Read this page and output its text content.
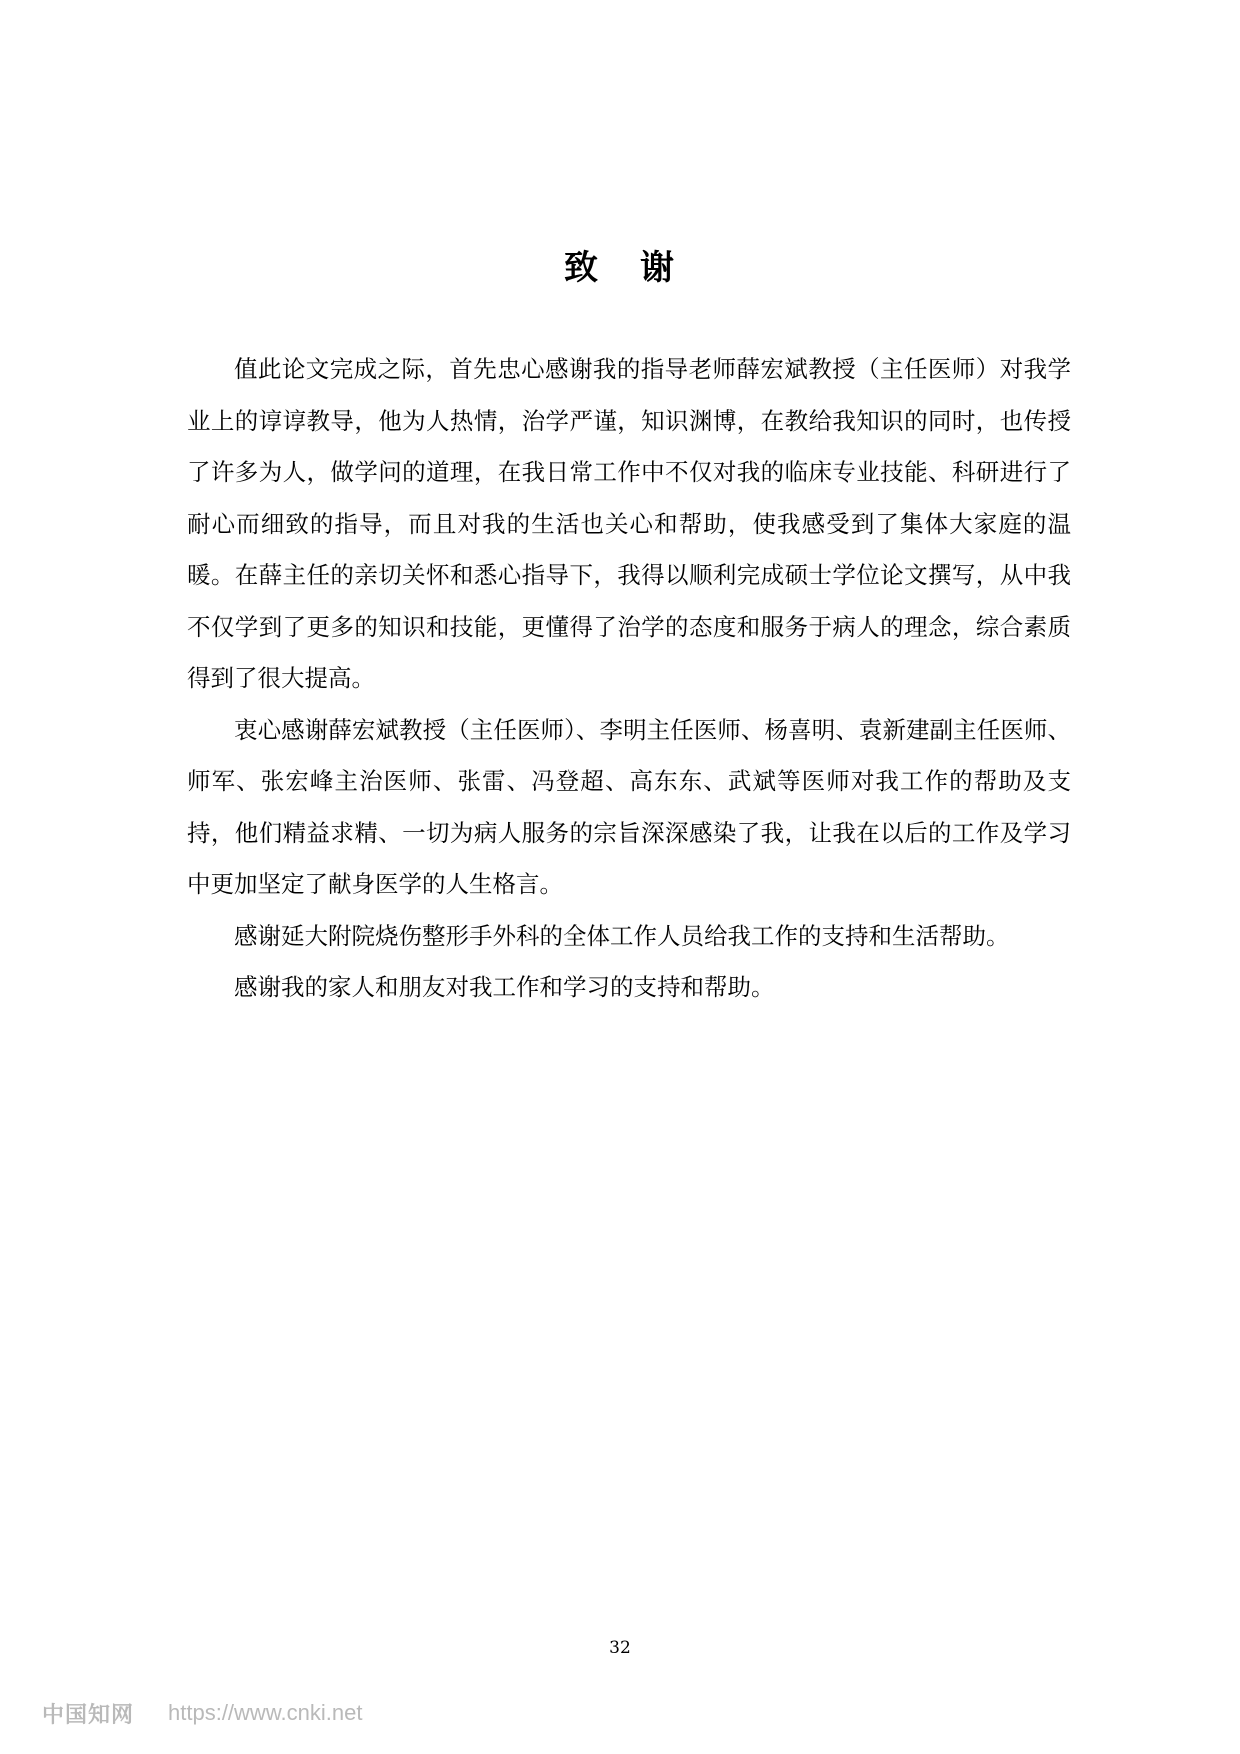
致 谢

值此论文完成之际，首先忠心感谢我的指导老师薛宏斌教授（主任医师）对我学业上的谆谆教导，他为人热情，治学严谨，知识渊博，在教给我知识的同时，也传授了许多为人，做学问的道理，在我日常工作中不仅对我的临床专业技能、科研进行了耐心而细致的指导，而且对我的生活也关心和帮助，使我感受到了集体大家庭的温暖。在薛主任的亲切关怀和悉心指导下，我得以顺利完成硕士学位论文撰写，从中我不仅学到了更多的知识和技能，更懂得了治学的态度和服务于病人的理念，综合素质得到了很大提高。

衷心感谢薛宏斌教授（主任医师）、李明主任医师、杨喜明、袁新建副主任医师、师军、张宏峰主治医师、张雷、冯登超、高东东、武斌等医师对我工作的帮助及支持，他们精益求精、一切为病人服务的宗旨深深感染了我，让我在以后的工作及学习中更加坚定了献身医学的人生格言。

感谢延大附院烧伤整形手外科的全体工作人员给我工作的支持和生活帮助。

感谢我的家人和朋友对我工作和学习的支持和帮助。

32
中国知网 https://www.cnki.net
